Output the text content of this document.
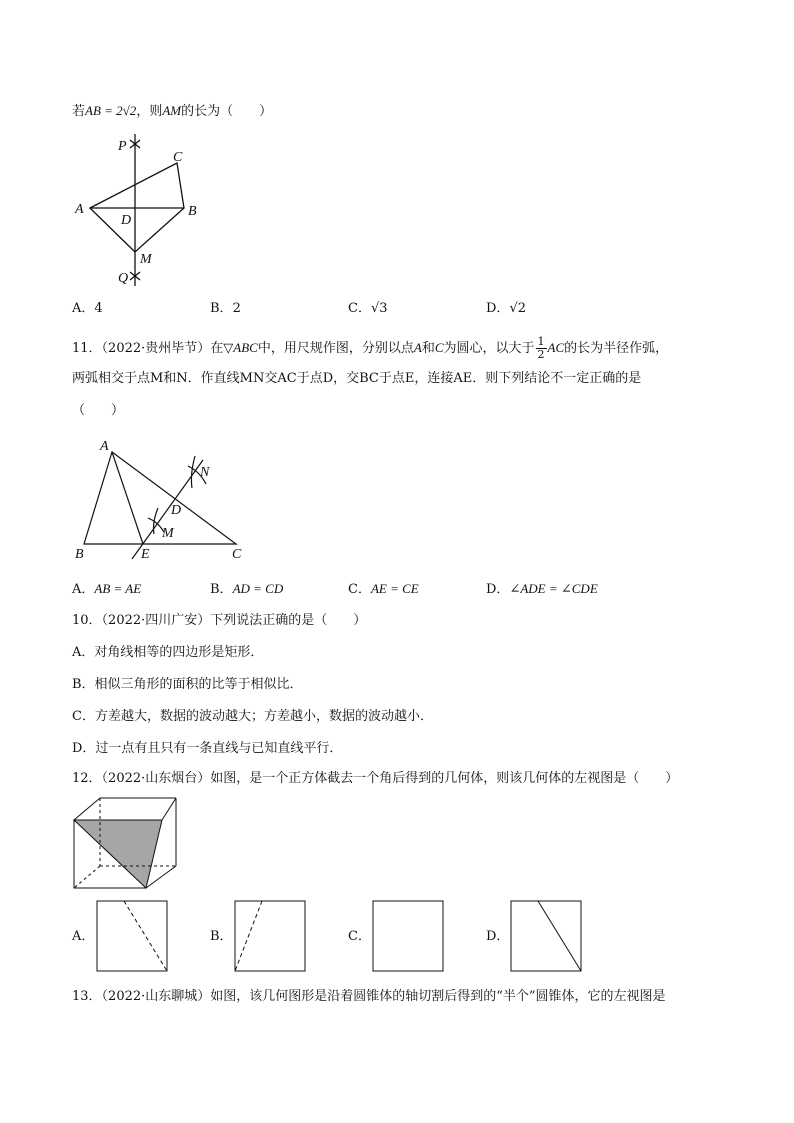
若AB = 2√2，则AM的长为（　　）
P
C
A
D
B
M
Q
A．4	B．2	C．√3	D．√2
11．（2022·贵州毕节）在▽ABC中，用尺规作图，分别以点A和C为圆心，以大于 $\frac{1}{2}$ AC的长为半径作弧，
两弧相交于点M和N．作直线MN交AC于点D，交BC于点E，连接AE．则下列结论不一定正确的是
（　　）
A
N
D
M
B	E	C
A．AB = AE	B．AD = CD	C．AE = CE	D．∠ADE = ∠CDE
10．（2022·四川广安）下列说法正确的是（　　）
A．对角线相等的四边形是矩形．
B．相似三角形的面积的比等于相似比．
C．方差越大，数据的波动越大；方差越小，数据的波动越小．
D．过一点有且只有一条直线与已知直线平行．
12．（2022·山东烟台）如图，是一个正方体截去一个角后得到的几何体，则该几何体的左视图是（　　）
A．	B．	C．	D．
13．（2022·山东聊城）如图，该几何图形是沿着圆锥体的轴切割后得到的“半个”圆锥体，它的左视图是
